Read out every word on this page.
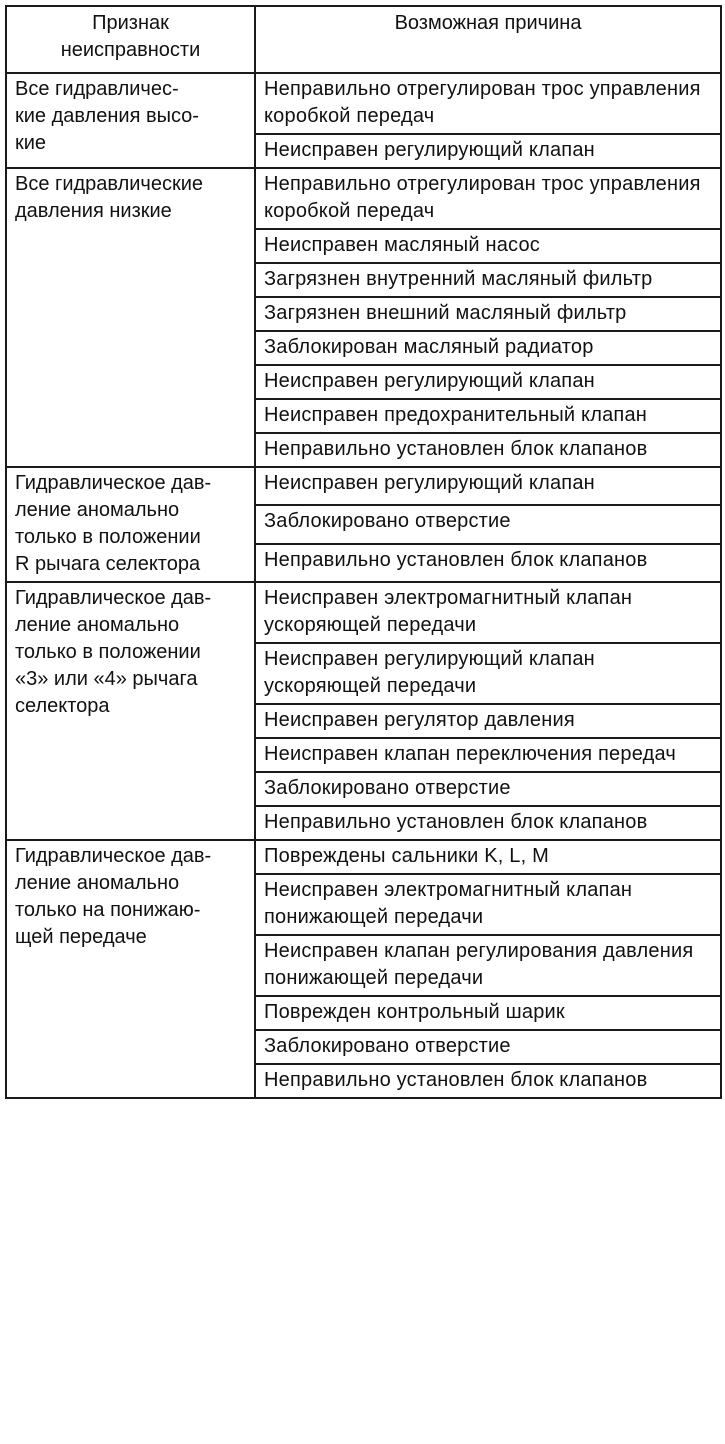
Признак
неисправности	Возможная причина
Все гидравличес-
кие давления высо-
кие	Неправильно отрегулирован трос управления коробкой передач
	Неисправен регулирующий клапан
Все гидравлические давления низкие	Неправильно отрегулирован трос управления коробкой передач
	Неисправен масляный насос
	Загрязнен внутренний масляный фильтр
	Загрязнен внешний масляный фильтр
	Заблокирован масляный радиатор
	Неисправен регулирующий клапан
	Неисправен предохранительный клапан
	Неправильно установлен блок клапанов
Гидравлическое дав-
ление аномально
только в положении
R рычага селектора	Неисправен регулирующий клапан
	Заблокировано отверстие
	Неправильно установлен блок клапанов
Гидравлическое дав-
ление аномально
только в положении
«3» или «4» рычага
селектора	Неисправен электромагнитный клапан ускоряющей передачи
	Неисправен регулирующий клапан ускоряющей передачи
	Неисправен регулятор давления
	Неисправен клапан переключения передач
	Заблокировано отверстие
	Неправильно установлен блок клапанов
Гидравлическое дав-
ление аномально
только на понижаю-
щей передаче	Повреждены сальники K, L, M
	Неисправен электромагнитный клапан понижающей передачи
	Неисправен клапан регулирования давления понижающей передачи
	Поврежден контрольный шарик
	Заблокировано отверстие
	Неправильно установлен блок клапанов
